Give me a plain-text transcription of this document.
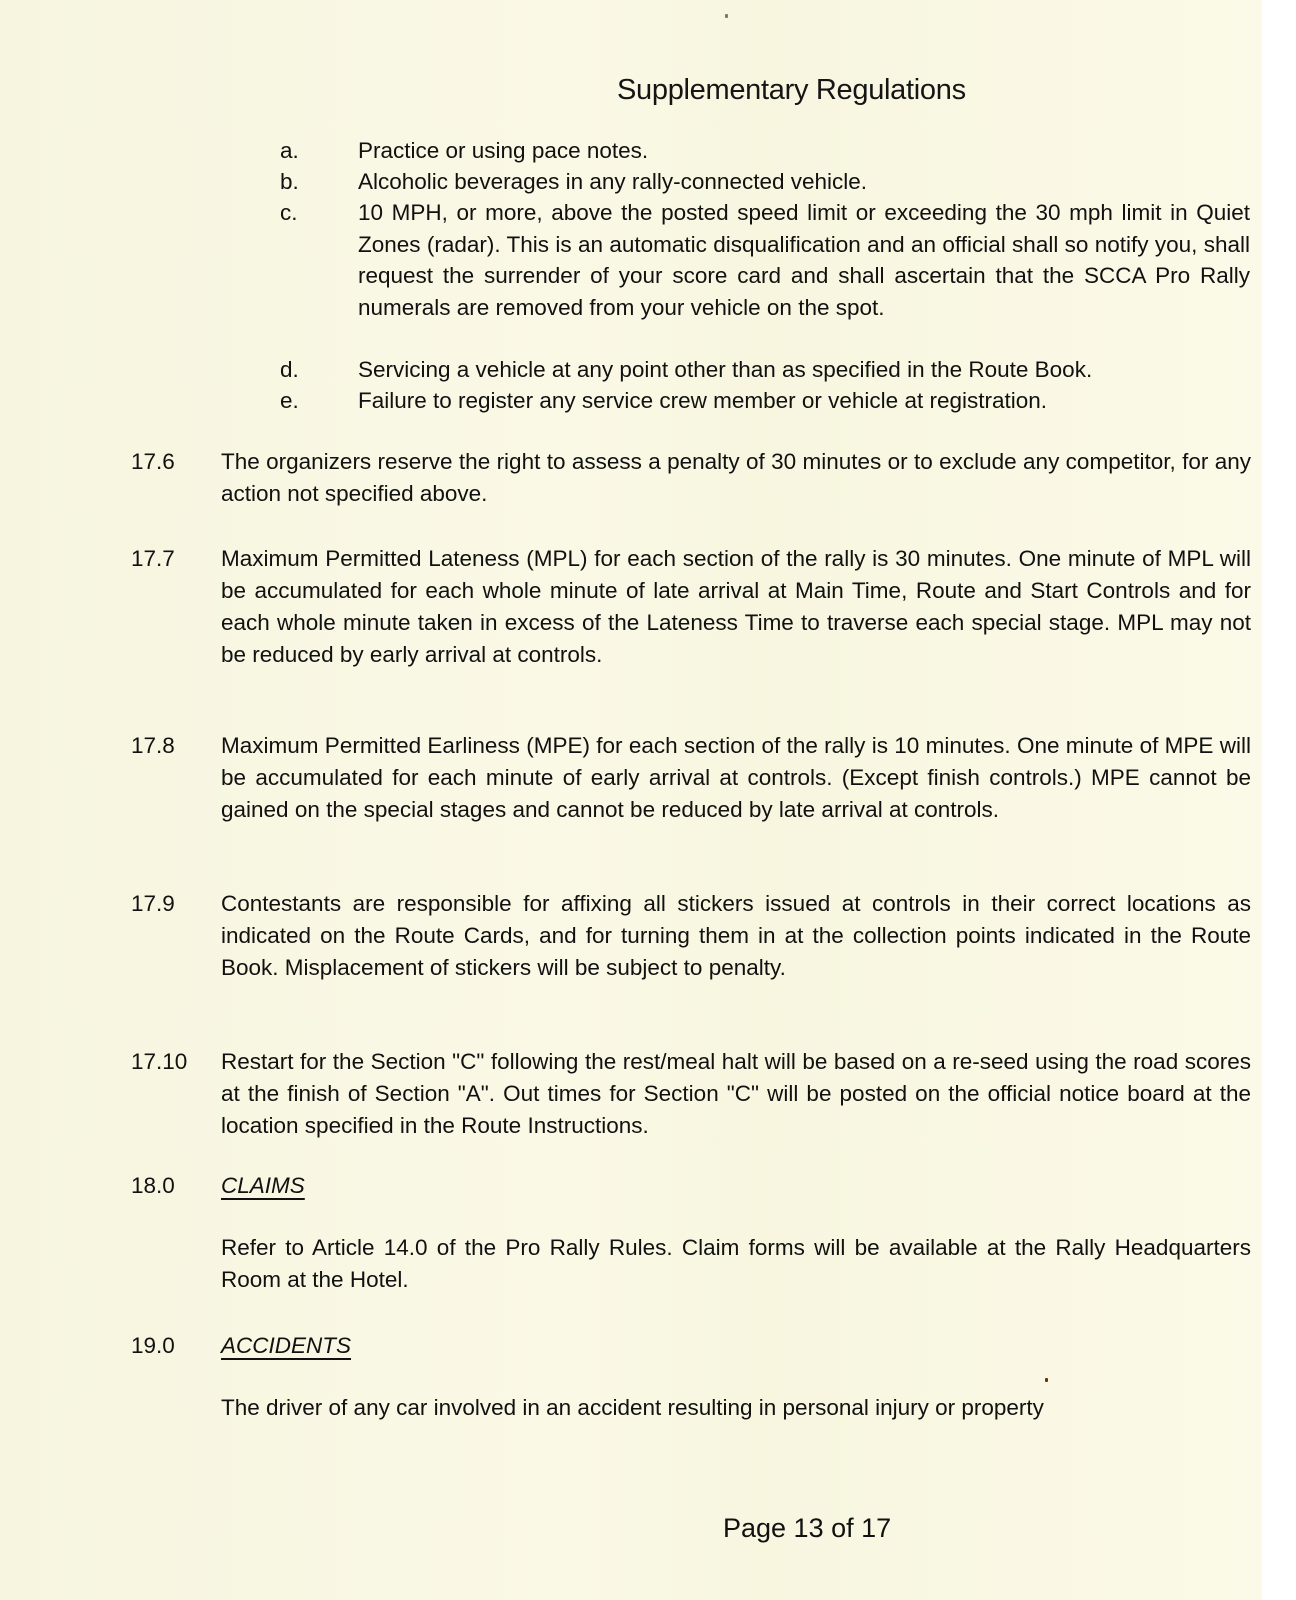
Supplementary Regulations
a.	Practice or using pace notes.
b.	Alcoholic beverages in any rally-connected vehicle.
c.	10 MPH, or more, above the posted speed limit or exceeding the 30 mph limit in Quiet Zones (radar). This is an automatic disqualification and an official shall so notify you, shall request the surrender of your score card and shall ascertain that the SCCA Pro Rally numerals are removed from your vehicle on the spot.
d.	Servicing a vehicle at any point other than as specified in the Route Book.
e.	Failure to register any service crew member or vehicle at registration.
17.6 The organizers reserve the right to assess a penalty of 30 minutes or to exclude any competitor, for any action not specified above.
17.7 Maximum Permitted Lateness (MPL) for each section of the rally is 30 minutes. One minute of MPL will be accumulated for each whole minute of late arrival at Main Time, Route and Start Controls and for each whole minute taken in excess of the Lateness Time to traverse each special stage. MPL may not be reduced by early arrival at controls.
17.8 Maximum Permitted Earliness (MPE) for each section of the rally is 10 minutes. One minute of MPE will be accumulated for each minute of early arrival at controls. (Except finish controls.) MPE cannot be gained on the special stages and cannot be reduced by late arrival at controls.
17.9 Contestants are responsible for affixing all stickers issued at controls in their correct locations as indicated on the Route Cards, and for turning them in at the collection points indicated in the Route Book. Misplacement of stickers will be subject to penalty.
17.10 Restart for the Section "C" following the rest/meal halt will be based on a re-seed using the road scores at the finish of Section "A". Out times for Section "C" will be posted on the official notice board at the location specified in the Route Instructions.
18.0 CLAIMS
Refer to Article 14.0 of the Pro Rally Rules. Claim forms will be available at the Rally Headquarters Room at the Hotel.
19.0 ACCIDENTS
The driver of any car involved in an accident resulting in personal injury or property
Page 13 of 17
